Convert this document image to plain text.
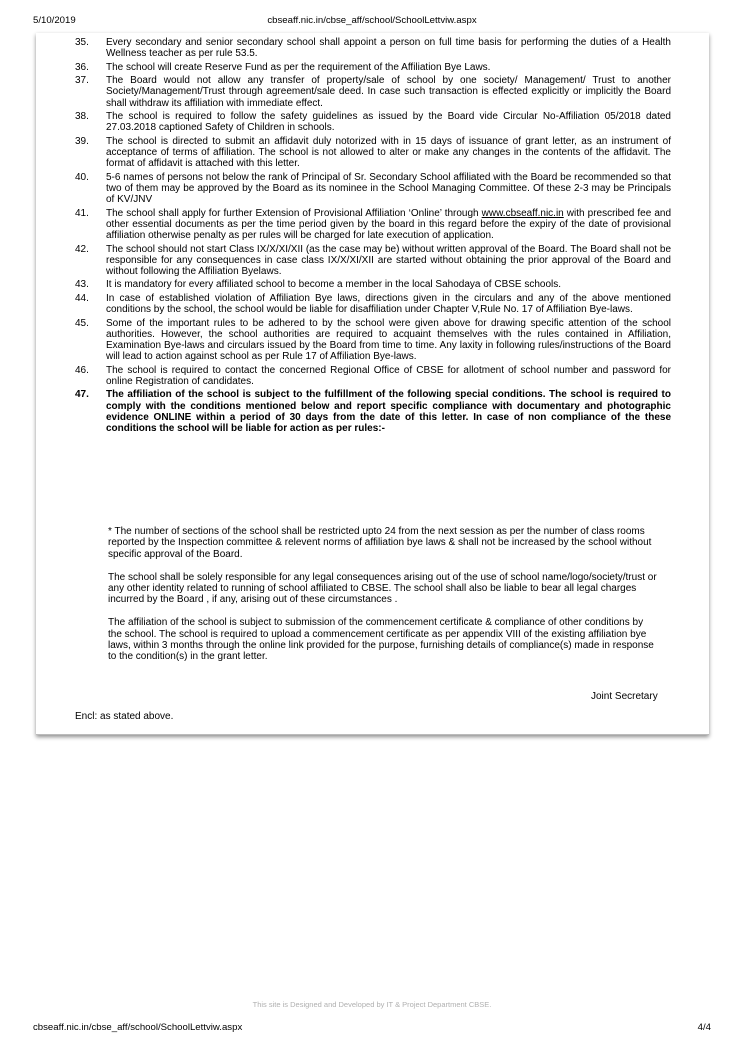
5/10/2019	cbseaff.nic.in/cbse_aff/school/SchoolLettviw.aspx
35. Every secondary and senior secondary school shall appoint a person on full time basis for performing the duties of a Health Wellness teacher as per rule 53.5.
36. The school will create Reserve Fund as per the requirement of the Affiliation Bye Laws.
37. The Board would not allow any transfer of property/sale of school by one society/ Management/ Trust to another Society/Management/Trust through agreement/sale deed. In case such transaction is effected explicitly or implicitly the Board shall withdraw its affiliation with immediate effect.
38. The school is required to follow the safety guidelines as issued by the Board vide Circular No-Affiliation 05/2018 dated 27.03.2018 captioned Safety of Children in schools.
39. The school is directed to submit an affidavit duly notorized with in 15 days of issuance of grant letter, as an instrument of acceptance of terms of affiliation. The school is not allowed to alter or make any changes in the contents of the affidavit. The format of affidavit is attached with this letter.
40. 5-6 names of persons not below the rank of Principal of Sr. Secondary School affiliated with the Board be recommended so that two of them may be approved by the Board as its nominee in the School Managing Committee. Of these 2-3 may be Principals of KV/JNV
41. The school shall apply for further Extension of Provisional Affiliation ‘Online’ through www.cbseaff.nic.in with prescribed fee and other essential documents as per the time period given by the board in this regard before the expiry of the date of provisional affiliation otherwise penalty as per rules will be charged for late execution of application.
42. The school should not start Class IX/X/XI/XII (as the case may be) without written approval of the Board. The Board shall not be responsible for any consequences in case class IX/X/XI/XII are started without obtaining the prior approval of the Board and without following the Affiliation Byelaws.
43. It is mandatory for every affiliated school to become a member in the local Sahodaya of CBSE schools.
44. In case of established violation of Affiliation Bye laws, directions given in the circulars and any of the above mentioned conditions by the school, the school would be liable for disaffiliation under Chapter V,Rule No. 17 of Affiliation Bye-laws.
45. Some of the important rules to be adhered to by the school were given above for drawing specific attention of the school authorities. However, the school authorities are required to acquaint themselves with the rules contained in Affiliation, Examination Bye-laws and circulars issued by the Board from time to time. Any laxity in following rules/instructions of the Board will lead to action against school as per Rule 17 of Affiliation Bye-laws.
46. The school is required to contact the concerned Regional Office of CBSE for allotment of school number and password for online Registration of candidates.
47. The affiliation of the school is subject to the fulfillment of the following special conditions. The school is required to comply with the conditions mentioned below and report specific compliance with documentary and photographic evidence ONLINE within a period of 30 days from the date of this letter. In case of non compliance of the these conditions the school will be liable for action as per rules:-

* The number of sections of the school shall be restricted upto 24 from the next session as per the number of class rooms reported by the Inspection committee & relevent norms of affiliation bye laws & shall not be increased by the school without specific approval of the Board.

The school shall be solely responsible for any legal consequences arising out of the use of school name/logo/society/trust or any other identity related to running of school affiliated to CBSE. The school shall also be liable to bear all legal charges incurred by the Board , if any, arising out of these circumstances .

The affiliation of the school is subject to submission of the commencement certificate & compliance of other conditions by the school. The school is required to upload a commencement certificate as per appendix VIII of the existing affiliation bye laws, within 3 months through the online link provided for the purpose, furnishing details of compliance(s) made in response to the condition(s) in the grant letter.

Joint Secretary
Encl: as stated above.
This site is Designed and Developed by IT & Project Department CBSE.
cbseaff.nic.in/cbse_aff/school/SchoolLettviw.aspx	4/4
